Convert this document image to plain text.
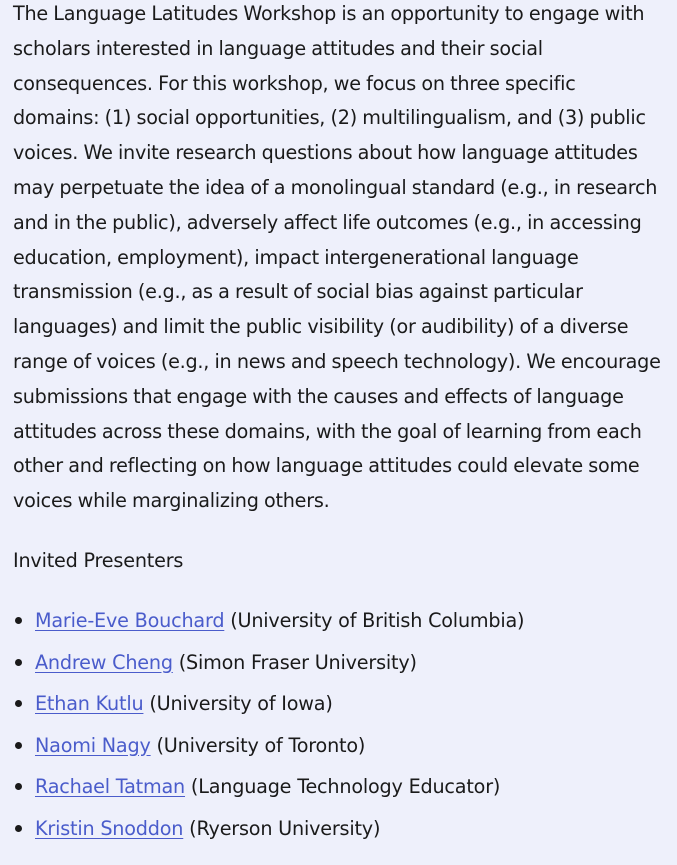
The Language Latitudes Workshop is an opportunity to engage with scholars interested in language attitudes and their social consequences. For this workshop, we focus on three specific domains: (1) social opportunities, (2) multilingualism, and (3) public voices. We invite research questions about how language attitudes may perpetuate the idea of a monolingual standard (e.g., in research and in the public), adversely affect life outcomes (e.g., in accessing education, employment), impact intergenerational language transmission (e.g., as a result of social bias against particular languages) and limit the public visibility (or audibility) of a diverse range of voices (e.g., in news and speech technology). We encourage submissions that engage with the causes and effects of language attitudes across these domains, with the goal of learning from each other and reflecting on how language attitudes could elevate some voices while marginalizing others.

Invited Presenters

Marie-Eve Bouchard (University of British Columbia)
Andrew Cheng (Simon Fraser University)
Ethan Kutlu (University of Iowa)
Naomi Nagy (University of Toronto)
Rachael Tatman (Language Technology Educator)
Kristin Snoddon (Ryerson University)
